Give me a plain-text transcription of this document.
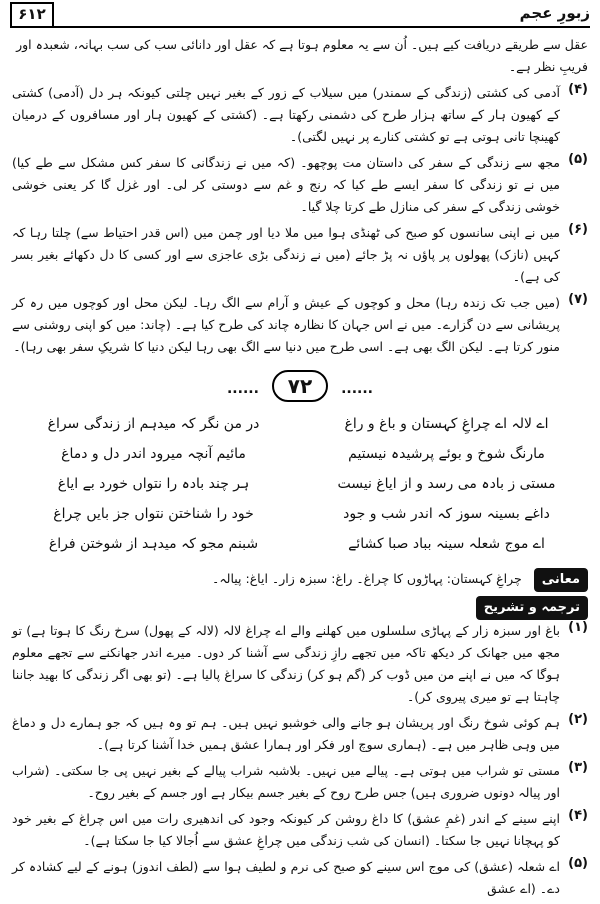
زبورِ عجم
۶۱۲
عقل سے طریقے دریافت کیے ہیں۔ اُن سے یہ معلوم ہوتا ہے کہ عقل اور دانائی سب کی سب بہانہ، شعبدہ اور فریبِ نظر ہے۔
(۴)
آدمی کی کشتی (زندگی کے سمندر) میں سیلاب کے زور کے بغیر نہیں چلتی کیونکہ ہر دل (آدمی) کشتی کے کھیون ہار کے ساتھ ہزار طرح کی دشمنی رکھتا ہے۔ (کشتی کے کھیون ہار اور مسافروں کے درمیان کھینچا تانی ہوتی ہے تو کشتی کنارے پر نہیں لگتی)۔
(۵)
مجھ سے زندگی کے سفر کی داستان مت پوچھو۔ (کہ میں نے زندگانی کا سفر کس مشکل سے طے کیا) میں نے تو زندگی کا سفر ایسے طے کیا کہ رنج و غم سے دوستی کر لی۔ اور غزل گا کر یعنی خوشی خوشی زندگی کے سفر کی منازل طے کرتا چلا گیا۔
(۶)
میں نے اپنی سانسوں کو صبح کی ٹھنڈی ہوا میں ملا دیا اور چمن میں (اس قدر احتیاط سے) چلتا رہا کہ کہیں (نازک) پھولوں پر پاؤں نہ پڑ جائے (میں نے زندگی بڑی عاجزی سے اور کسی کا دل دکھائے بغیر بسر کی ہے)۔
(۷)
(میں جب تک زندہ رہا) محل و کوچوں کے عیش و آرام سے الگ رہا۔ لیکن محل اور کوچوں میں رہ کر پریشانی سے دن گزارے۔ میں نے اس جہان کا نظارہ چاند کی طرح کیا ہے۔ (چاند: میں کو اپنی روشنی سے منور کرتا ہے۔ لیکن الگ بھی ہے۔ اسی طرح میں دنیا سے الگ بھی رہا لیکن دنیا کا شریکِ سفر بھی رہا)۔
...... ۷۲ ......
اے لالہ اے چراغِ کہستان و باغ و راغ
در من نگر کہ میدہم از زندگی سراغ
مارنگ شوخ و بوئے پرشیدہ نیستیم
مائیم آنچہ میرود اندر دل و دماغ
مستی ز بادہ می رسد و از ایاغ نیست
ہر چند بادہ را نتواں خورد بے ایاغ
داغے بسینہ سوز کہ اندر شب و جود
خود را شناختن نتواں جز بایں چراغ
اے موج شعلہ سینہ بباد صبا کشائے
شبنم مجو کہ میدہد از شوختن فراغ
معانی چراغِ کہستان: پہاڑوں کا چراغ۔ راغ: سبزہ زار۔ ایاغ: پیالہ۔
ترجمہ و تشریح
(۱)
باغ اور سبزہ زار کے پہاڑی سلسلوں میں کھلنے والے اے چراغ لالہ (لالہ کے پھول) سرخ رنگ کا ہوتا ہے) تو مجھ میں جھانک کر دیکھ تاکہ میں تجھے رازِ زندگی سے آشنا کر دوں۔ میرے اندر جھانکنے سے تجھے معلوم ہوگا کہ میں نے اپنے من میں ڈوب کر (گم ہو کر) زندگی کا سراغ پالیا ہے۔ (تو بھی اگر زندگی کا بھید جاننا چاہتا ہے تو میری پیروی کر)۔
(۲)
ہم کوئی شوخ رنگ اور پریشان ہو جانے والی خوشبو نہیں ہیں۔ ہم تو وہ ہیں کہ جو ہمارے دل و دماغ میں وہی ظاہر میں ہے۔ (ہماری سوچ اور فکر اور ہمارا عشق ہمیں خدا آشنا کرتا ہے)۔
(۳)
مستی تو شراب میں ہوتی ہے۔ پیالے میں نہیں۔ بلاشبہ شراب پیالے کے بغیر نہیں پی جا سکتی۔ (شراب اور پیالہ دونوں ضروری ہیں) جس طرح روح کے بغیر جسم بیکار ہے اور جسم کے بغیر روح۔
(۴)
اپنے سینے کے اندر (غمِ عشق) کا داغ روشن کر کیونکہ وجود کی اندھیری رات میں اس چراغ کے بغیر خود کو پہچانا نہیں جا سکتا۔ (انسان کی شب زندگی میں چراغِ عشق سے اُجالا کیا جا سکتا ہے)۔
(۵)
اے شعلہ (عشق) کی موج اس سینے کو صبح کی نرم و لطیف ہوا سے (لطف اندوز) ہونے کے لیے کشادہ کر دے۔ (اے عشق
